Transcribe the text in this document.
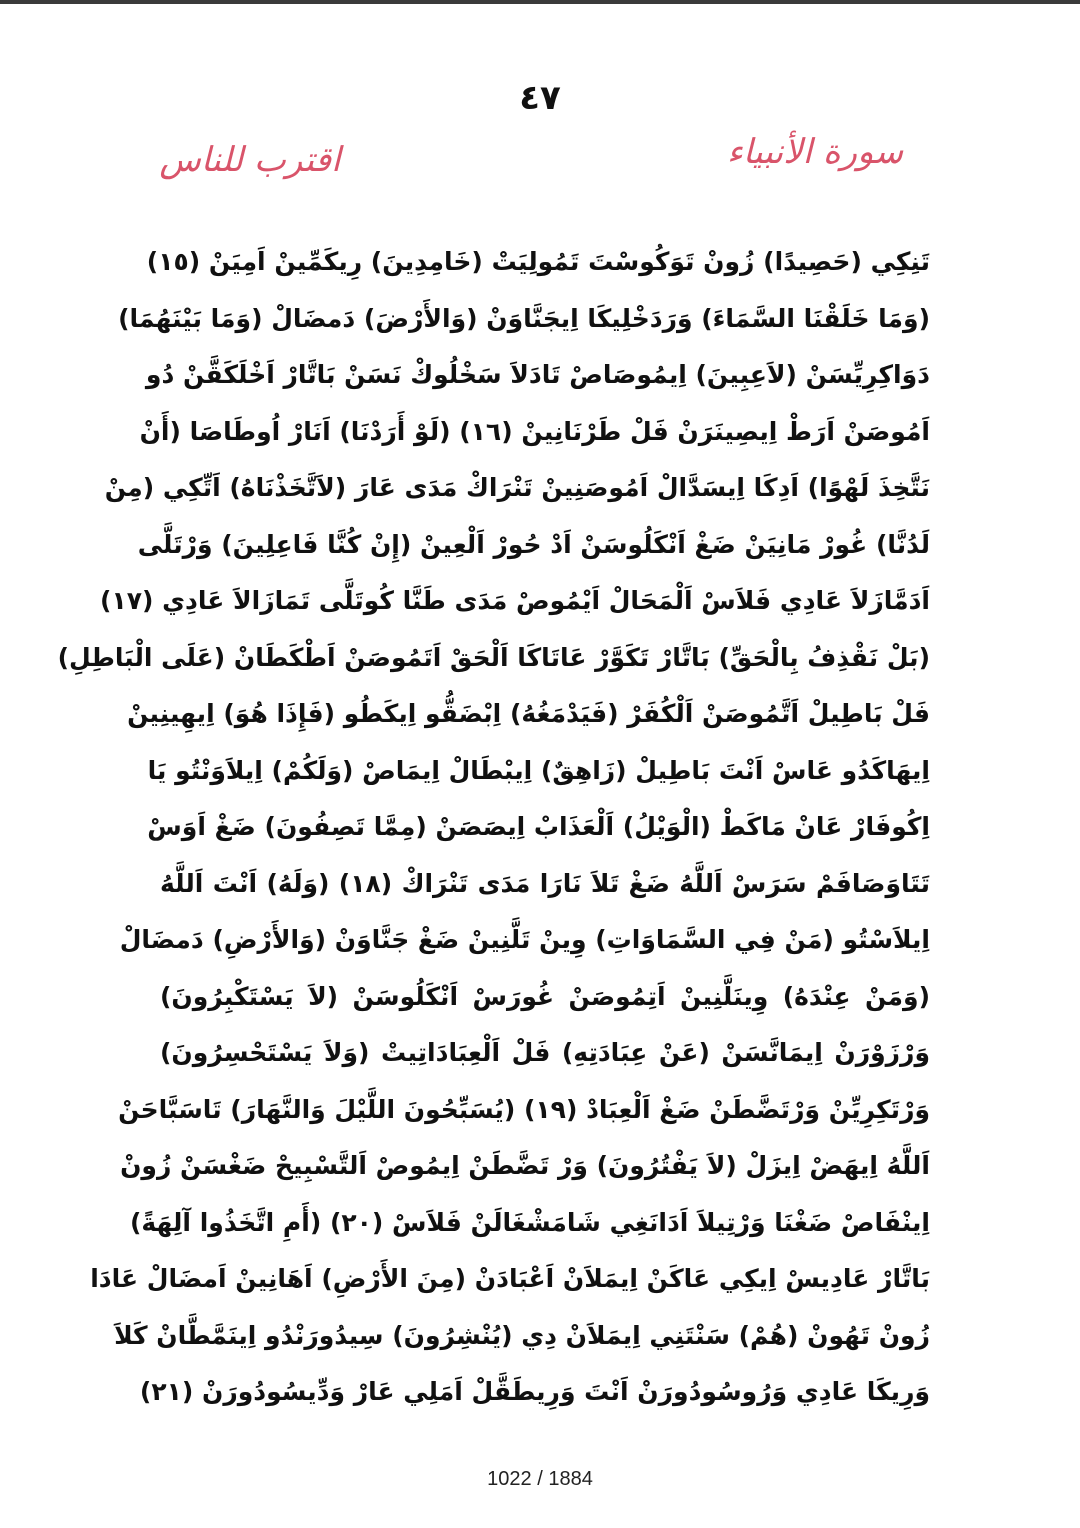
٤٧
سورة الأنبياء
اقترب للناس
تَنِكِي (حَصِيدًا) زُونْ تَوَكُوسْتَ تَمُولِيَتْ (خَامِدِينَ) رِيكَمِّينْ اَمِيَنْ (١٥)
(وَمَا خَلَقْنَا السَّمَاءَ) وَرَدَخْلِيكَا اِيجَنَّاوَنْ (وَالأَرْضَ) دَمضَالْ (وَمَا بَيْنَهُمَا)
دَوَاكِرِيِّسَنْ (لاَعِبِينَ) اِيمُوصَاصْ تَادَلاَ سَخْلُوكْ نَسَنْ بَاتَّارْ اَخْلَكَقَّنْ دُو
اَمُوصَنْ اَرَطْ اِيصِينَرَنْ فَلْ طَرْنَانِينْ (١٦) (لَوْ أَرَدْنَا) اَنَارْ اُوطَاصَا (أَنْ
نَتَّخِذَ لَهْوًا) اَدِكَا اِيسَدَّالْ اَمُوصَنِينْ تَنْرَاكْ مَدَى عَارَ (لاَتَّخَذْنَاهُ) اَتِّكِي (مِنْ
لَدُنَّا) غُورْ مَانِيَنْ ضَغْ اَنْكَلُوسَنْ اَدْ حُورْ اَلْعِينْ (إِنْ كُنَّا فَاعِلِينَ) وَرْتَلَّى
اَدَمَّازَلاَ عَادِي فَلاَسْ اَلْمَحَالْ اَيْمُوصْ مَدَى طَنَّا كُوتَلَّى تَمَازَالاَ عَادِي (١٧)
(بَلْ نَقْذِفُ بِالْحَقِّ) بَاتَّارْ تَكَوَّرْ عَاتَاكَا اَلْحَقْ اَتَمُوصَنْ اَطْكَطَانْ (عَلَى الْبَاطِلِ)
فَلْ بَاطِيلْ اَتَّمُوصَنْ اَلْكُفَرْ (فَيَدْمَغُهُ) اِبْضَقُّو اِيكَطُو (فَإِذَا هُوَ) اِيهِينِينْ
اِيهَاكَدُو عَاسْ اَنْتَ بَاطِيلْ (زَاهِقٌ) اِيبْطَالْ اِيمَاصْ (وَلَكُمْ) اِيلاَوَنْتُو يَا
اِكُوفَارْ عَانْ مَاكَطْ (الْوَيْلُ) اَلْعَذَابْ اِيصَصَنْ (مِمَّا تَصِفُونَ) ضَغْ اَوَسْ
تَتَاوَصَافَمْ سَرَسْ اَللَّهُ ضَغْ تَلاَ نَارَا مَدَى تَنْرَاكْ (١٨) (وَلَهُ) اَنْتَ اَللَّهُ
اِيلاَسْتُو (مَنْ فِي السَّمَاوَاتِ) وِينْ تَلَّنِينْ ضَغْ جَنَّاوَنْ (وَالأَرْضِ) دَمضَالْ
(وَمَنْ عِنْدَهُ) وِينَلَّنِينْ اَتِمُوصَنْ غُورَسْ اَنْكَلُوسَنْ (لاَ يَسْتَكْبِرُونَ)
وَرْزَوْرَنْ اِيمَانَّسَنْ (عَنْ عِبَادَتِهِ) فَلْ اَلْعِبَادَاتِيتْ (وَلاَ يَسْتَحْسِرُونَ)
وَرْتَكِرِيِّنْ وَرْتَضَّطَنْ ضَغْ اَلْعِبَادْ (١٩) (يُسَبِّحُونَ اللَّيْلَ وَالنَّهَارَ) تَاسَبَّاحَنْ
اَللَّهُ اِيهَضْ اِيزَلْ (لاَ يَفْتُرُونَ) وَرْ تَضَّطَنْ اِيمُوصْ اَلتَّسْبِيحْ ضَغْسَنْ زُونْ
اِينْفَاصْ ضَغْنَا وَرْتِيلاَ اَدَانَغِي شَامَشْغَالَنْ فَلاَسْ (٢٠) (أَمِ اتَّخَذُوا آلِهَةً)
بَاتَّارْ عَادِيسْ اِيكِي عَاكَنْ اِيمَلاَنْ اَعْبَادَنْ (مِنَ الأَرْضِ) اَهَانِينْ اَمضَالْ عَادَا
زُونْ تَهُونْ (هُمْ) سَنْتَنِي اِيمَلاَنْ دِي (يُنْشِرُونَ) سِيدُورَنْدُو اِينَمَّطَّانْ كَلاَ
وَرِيكَا عَادِي وَرُوسُودُورَنْ اَنْتَ وَرِيطَقَّلْ اَمَلِي عَارْ وَدِّيسُودُورَنْ (٢١)
1022 / 1884
